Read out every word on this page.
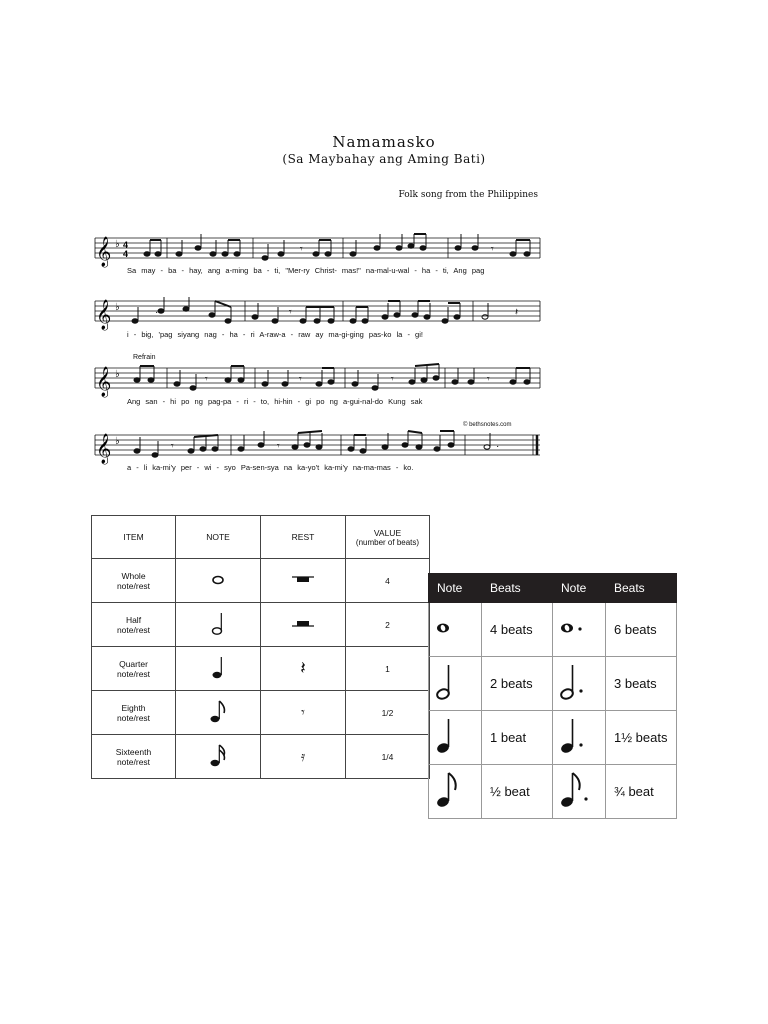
Namamasko
(Sa Maybahay ang Aming Bati)
Folk song from the Philippines
𝄞 ♭ 4
4	𝄾	𝄾
Sa may - ba - hay, ang a-ming ba - ti, "Mer-ry Christ- mas!" na-mal-u-wal - ha - ti, Ang pag
𝄞 ♭	·	𝄾	𝄽
i - big, 'pag siyang nag - ha - ri A-raw-a - raw ay ma-gi-ging pas-ko la - gi!
Refrain
𝄞 ♭	𝄾	𝄾	𝄾	𝄾
Ang san - hi po ng pag-pa - ri - to, hi-hin - gi po ng a-gui-nal-do Kung sak
© bethsnotes.com
𝄞 ♭	𝄾	𝄾	·
a - li ka-mi'y per - wi - syo Pa-sen-sya na ka-yo't ka-mi'y na-ma-mas - ko.
ITEM	NOTE	REST	VALUE
(number of beats)

Whole
note/rest			4
Half
note/rest			2
Quarter
note/rest		𝄽	1
Eighth
note/rest		𝄾	1/2
Sixteenth
note/rest		𝄿	1/4
Note	Beats	Note	Beats
	4 beats		6 beats
	2 beats		3 beats
	1 beat		1½ beats
	½ beat		¾ beat
